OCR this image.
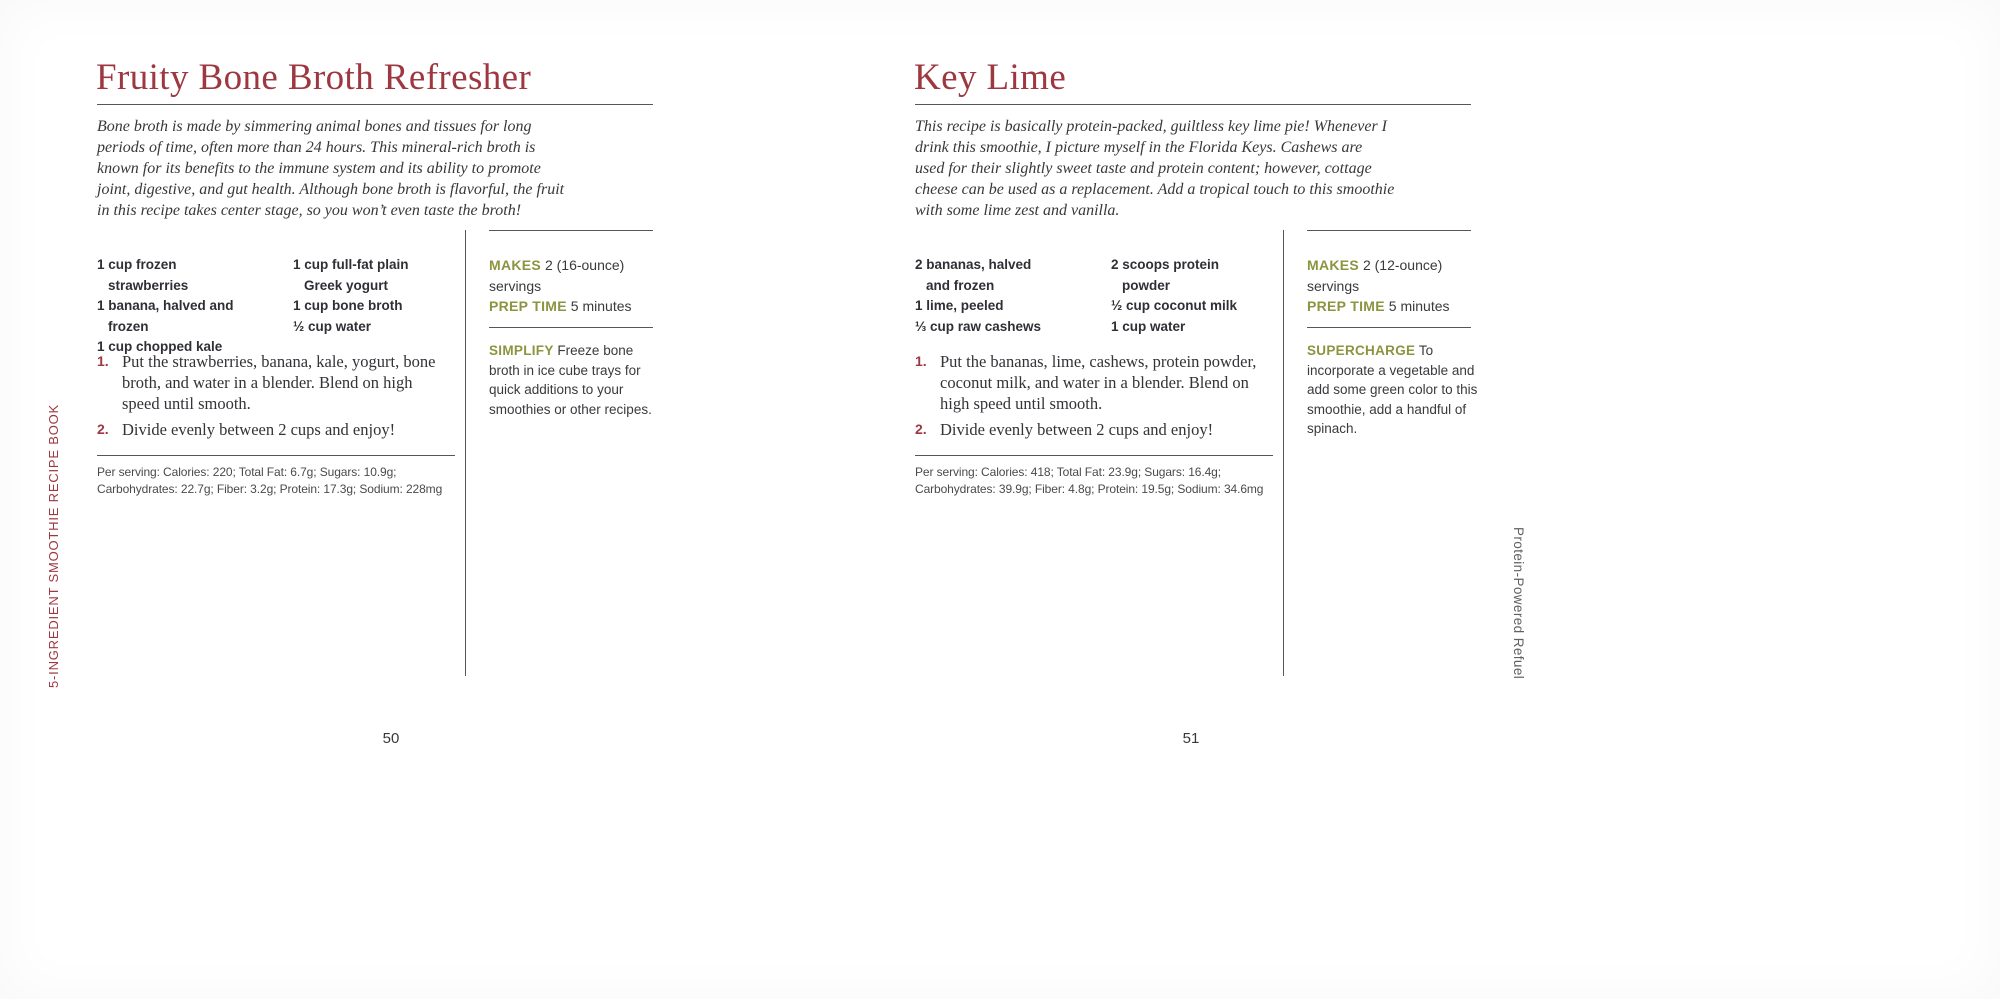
Fruity Bone Broth Refresher
Bone broth is made by simmering animal bones and tissues for long periods of time, often more than 24 hours. This mineral-rich broth is known for its benefits to the immune system and its ability to promote joint, digestive, and gut health. Although bone broth is flavorful, the fruit in this recipe takes center stage, so you won’t even taste the broth!
1 cup frozen strawberries
1 banana, halved and frozen
1 cup chopped kale
1 cup full-fat plain Greek yogurt
1 cup bone broth
½ cup water

MAKES 2 (16-ounce) servings

PREP TIME 5 minutes

SIMPLIFY Freeze bone broth in ice cube trays for quick additions to your smoothies or other recipes.
1. Put the strawberries, banana, kale, yogurt, bone broth, and water in a blender. Blend on high speed until smooth.
2. Divide evenly between 2 cups and enjoy!
Per serving: Calories: 220; Total Fat: 6.7g; Sugars: 10.9g; Carbohydrates: 22.7g; Fiber: 3.2g; Protein: 17.3g; Sodium: 228mg
50
Key Lime
This recipe is basically protein-packed, guiltless key lime pie! Whenever I drink this smoothie, I picture myself in the Florida Keys. Cashews are used for their slightly sweet taste and protein content; however, cottage cheese can be used as a replacement. Add a tropical touch to this smoothie with some lime zest and vanilla.
2 bananas, halved and frozen
1 lime, peeled
⅓ cup raw cashews
2 scoops protein powder
½ cup coconut milk
1 cup water

MAKES 2 (12-ounce) servings

PREP TIME 5 minutes

SUPERCHARGE To incorporate a vegetable and add some green color to this smoothie, add a handful of spinach.
1. Put the bananas, lime, cashews, protein powder, coconut milk, and water in a blender. Blend on high speed until smooth.
2. Divide evenly between 2 cups and enjoy!
Per serving: Calories: 418; Total Fat: 23.9g; Sugars: 16.4g; Carbohydrates: 39.9g; Fiber: 4.8g; Protein: 19.5g; Sodium: 34.6mg
51
5-INGREDIENT SMOOTHIE RECIPE BOOK	Protein-Powered Refuel
